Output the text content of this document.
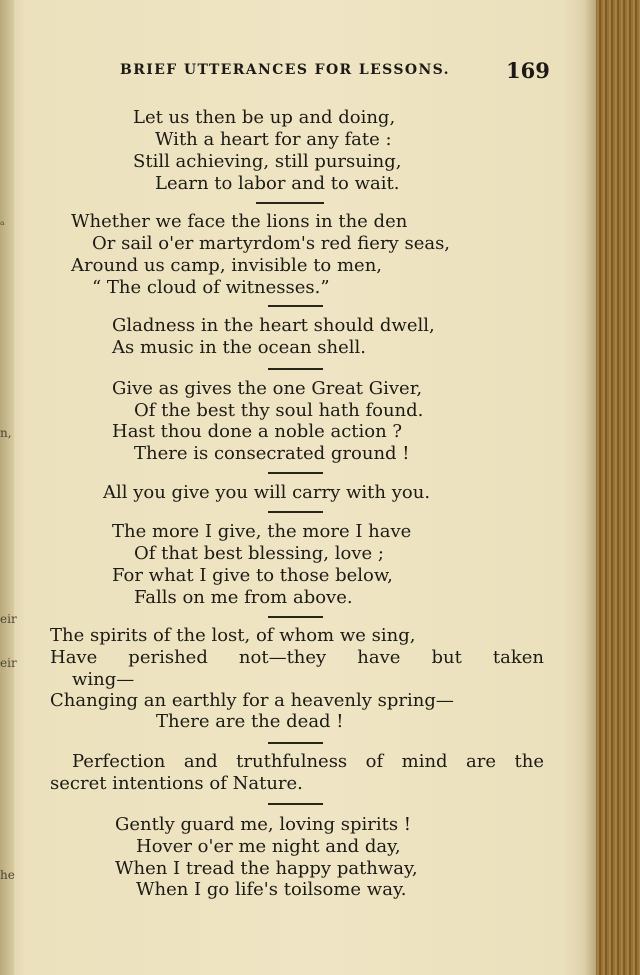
ₐ
n,
eir
eir
he
BRIEF UTTERANCES FOR LESSONS.	169
Let us then be up and doing,
With a heart for any fate :
Still achieving, still pursuing,
Learn to labor and to wait.
Whether we face the lions in the den
Or sail o'er martyrdom's red fiery seas,
Around us camp, invisible to men,
“ The cloud of witnesses.”
Gladness in the heart should dwell,
As music in the ocean shell.
Give as gives the one Great Giver,
Of the best thy soul hath found.
Hast thou done a noble action ?
There is consecrated ground !
All you give you will carry with you.
The more I give, the more I have
Of that best blessing, love ;
For what I give to those below,
Falls on me from above.
The spirits of the lost, of whom we sing,
Have perished not—they have but taken
wing—
Changing an earthly for a heavenly spring—
There are the dead !
Perfection and truthfulness of mind are the
secret intentions of Nature.
Gently guard me, loving spirits !
Hover o'er me night and day,
When I tread the happy pathway,
When I go life's toilsome way.
